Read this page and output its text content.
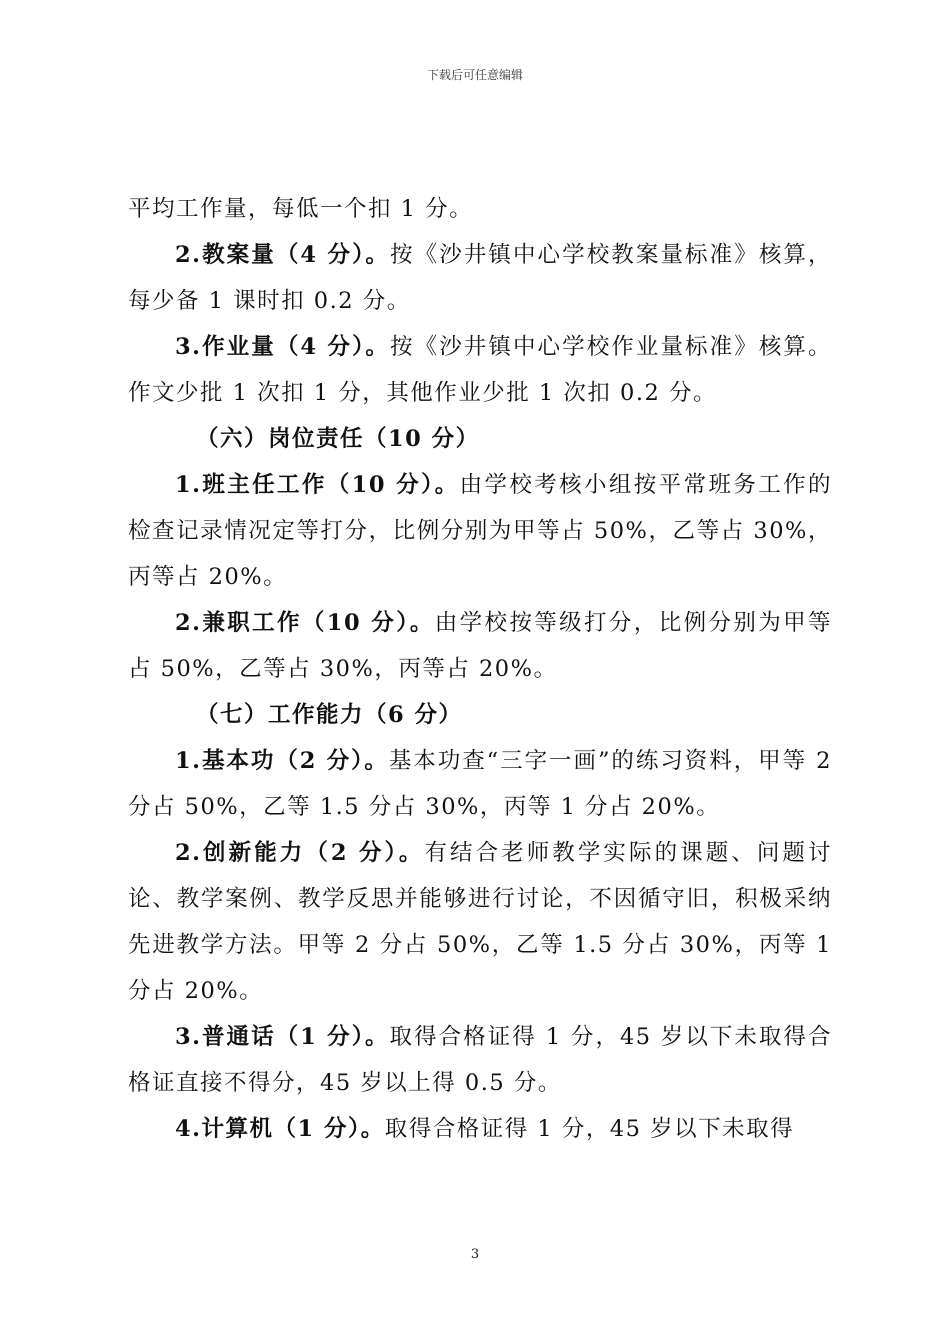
下载后可任意编辑

平均工作量，每低一个扣 1 分。

2.教案量（4 分）。按《沙井镇中心学校教案量标准》核算，每少备 1 课时扣 0.2 分。

3.作业量（4 分）。按《沙井镇中心学校作业量标准》核算。作文少批 1 次扣 1 分，其他作业少批 1 次扣 0.2 分。

（六）岗位责任（10 分）

1.班主任工作（10 分）。由学校考核小组按平常班务工作的检查记录情况定等打分，比例分别为甲等占 50%，乙等占 30%，丙等占 20%。

2.兼职工作（10 分）。由学校按等级打分，比例分别为甲等占 50%，乙等占 30%，丙等占 20%。

（七）工作能力（6 分）

1.基本功（2 分）。基本功查“三字一画”的练习资料，甲等 2 分占 50%，乙等 1.5 分占 30%，丙等 1 分占 20%。

2.创新能力（2 分）。有结合老师教学实际的课题、问题讨论、教学案例、教学反思并能够进行讨论，不因循守旧，积极采纳先进教学方法。甲等 2 分占 50%，乙等 1.5 分占 30%，丙等 1 分占 20%。

3.普通话（1 分）。取得合格证得 1 分，45 岁以下未取得合格证直接不得分，45 岁以上得 0.5 分。

4.计算机（1 分）。取得合格证得 1 分，45 岁以下未取得

3
